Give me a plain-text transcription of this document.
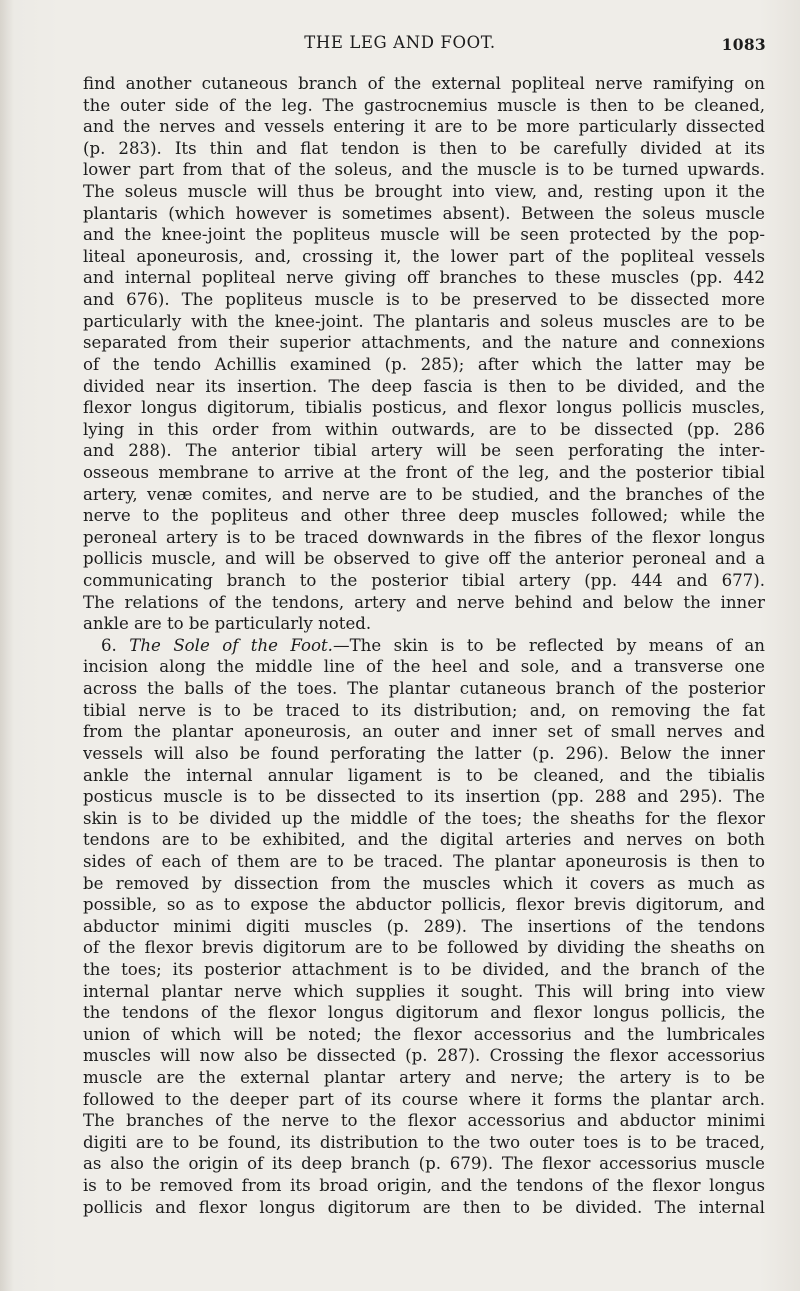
THE LEG AND FOOT.	1083
find another cutaneous branch of the external popliteal nerve ramifying on
the outer side of the leg. The gastrocnemius muscle is then to be cleaned,
and the nerves and vessels entering it are to be more particularly dissected
(p. 283). Its thin and flat tendon is then to be carefully divided at its
lower part from that of the soleus, and the muscle is to be turned upwards.
The soleus muscle will thus be brought into view, and, resting upon it the
plantaris (which however is sometimes absent). Between the soleus muscle
and the knee-joint the popliteus muscle will be seen protected by the pop-
liteal aponeurosis, and, crossing it, the lower part of the popliteal vessels
and internal popliteal nerve giving off branches to these muscles (pp. 442
and 676). The popliteus muscle is to be preserved to be dissected more
particularly with the knee-joint. The plantaris and soleus muscles are to be
separated from their superior attachments, and the nature and connexions
of the tendo Achillis examined (p. 285); after which the latter may be
divided near its insertion. The deep fascia is then to be divided, and the
flexor longus digitorum, tibialis posticus, and flexor longus pollicis muscles,
lying in this order from within outwards, are to be dissected (pp. 286
and 288). The anterior tibial artery will be seen perforating the inter-
osseous membrane to arrive at the front of the leg, and the posterior tibial
artery, venæ comites, and nerve are to be studied, and the branches of the
nerve to the popliteus and other three deep muscles followed; while the
peroneal artery is to be traced downwards in the fibres of the flexor longus
pollicis muscle, and will be observed to give off the anterior peroneal and a
communicating branch to the posterior tibial artery (pp. 444 and 677).
The relations of the tendons, artery and nerve behind and below the inner
ankle are to be particularly noted.
6. The Sole of the Foot.—The skin is to be reflected by means of an
incision along the middle line of the heel and sole, and a transverse one
across the balls of the toes. The plantar cutaneous branch of the posterior
tibial nerve is to be traced to its distribution; and, on removing the fat
from the plantar aponeurosis, an outer and inner set of small nerves and
vessels will also be found perforating the latter (p. 296). Below the inner
ankle the internal annular ligament is to be cleaned, and the tibialis
posticus muscle is to be dissected to its insertion (pp. 288 and 295). The
skin is to be divided up the middle of the toes; the sheaths for the flexor
tendons are to be exhibited, and the digital arteries and nerves on both
sides of each of them are to be traced. The plantar aponeurosis is then to
be removed by dissection from the muscles which it covers as much as
possible, so as to expose the abductor pollicis, flexor brevis digitorum, and
abductor minimi digiti muscles (p. 289). The insertions of the tendons
of the flexor brevis digitorum are to be followed by dividing the sheaths on
the toes; its posterior attachment is to be divided, and the branch of the
internal plantar nerve which supplies it sought. This will bring into view
the tendons of the flexor longus digitorum and flexor longus pollicis, the
union of which will be noted; the flexor accessorius and the lumbricales
muscles will now also be dissected (p. 287). Crossing the flexor accessorius
muscle are the external plantar artery and nerve; the artery is to be
followed to the deeper part of its course where it forms the plantar arch.
The branches of the nerve to the flexor accessorius and abductor minimi
digiti are to be found, its distribution to the two outer toes is to be traced,
as also the origin of its deep branch (p. 679). The flexor accessorius muscle
is to be removed from its broad origin, and the tendons of the flexor longus
pollicis and flexor longus digitorum are then to be divided. The internal
